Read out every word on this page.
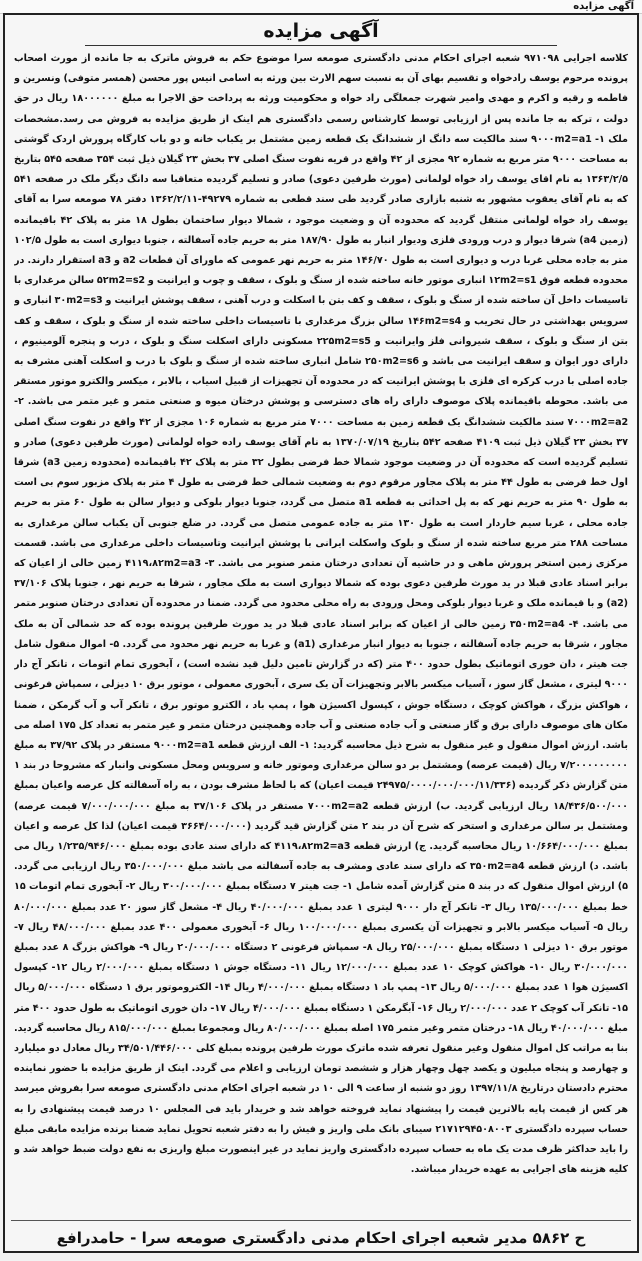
آگهی مزایده
آگهی مزایده
کلاسه اجرایی ۹۷۱۰۹۸ شعبه اجرای احکام مدنی دادگستری صومعه سرا موضوع حکم به فروش ماترک به جا مانده از مورث اصحاب پرونده مرحوم یوسف رادخواه و تقسیم بهای آن به نسبت سهم الارث بین ورثه به اسامی انیس پور محسن (همسر متوفی) ونسرین و فاطمه و رقیه و اکرم و مهدی وامیر شهرت جمعلگی راد خواه و محکومیت ورثه به پرداخت حق الاجرا به مبلغ ۱۸۰۰۰۰۰۰ ریال در حق دولت ، ترکه به جا مانده پس از ارزیابی توسط کارشناس رسمی دادگستری هم اینک از طریق مزایده به فروش می رسد.مشخصات ملک ۱- ۹۰۰۰m2=a1 سند مالکیت سه دانگ از ششدانگ یک قطعه زمین مشتمل بر یکباب خانه و دو باب کارگاه پرورش اردک گوشتی به مساحت ۹۰۰۰ متر مربع به شماره ۹۲ مجزی از ۴۲ واقع در قریه نفوت سنگ اصلی ۳۷ بخش ۲۳ گیلان ذیل ثبت ۳۵۴ صفحه ۵۴۵ بتاریخ ۱۳۶۳/۲/۵ به نام اقای یوسف راد خواه لولمانی (مورث طرفین دعوی) صادر و تسلیم گردیده متعاقبا سه دانگ دیگر ملک در صفحه ۵۴۱ که به نام آقای یعقوب مشهور به شنبه بازاری صادر گردید طی سند قطعی به شماره ۴۹۲۷۹-۱۳۶۲/۲/۱۱ دفتر ۷۸ صومعه سرا به آقای یوسف راد خواه لولمانی منتقل گردید که محدوده آن و وضعیت موجود ، شمالا دیوار ساختمان بطول ۱۸ متر به پلاک ۴۲ باقیمانده (زمین a4) شرقا دیوار و درب ورودی فلزی ودیوار انبار به طول ۱۸۷/۹۰ متر به حریم جاده آسفالته ، جنوبا دیواری است به طول ۱۰۲/۵ متر به جاده محلی غربا درب و دیواری است به طول ۱۴۶/۷۰ متر به حریم نهر عمومی که ماورای آن قطعات a2 و a3 استقرار دارند. در محدوده قطعه فوق ۱۲m2=s1 انباری موتور خانه ساخته شده از سنگ و بلوک ، سقف و چوب و ایرانیت و ۵۲m2=s2 سالن مرغداری با تاسیسات داخل آن ساخته شده از سنگ و بلوک ، سقف و کف بتن با اسکلت و درب آهنی ، سقف پوشش ایرانیت و ۳۰m2=s3 انباری و سرویس بهداشتی در حال تخریب و ۱۴۶m2=s4 سالن بزرگ مرغداری با تاسیسات داخلی ساخته شده از سنگ و بلوک ، سقف و کف بتن از سنگ و بلوک ، سقف شیروانی فلز وایرانیت و ۲۲۵m2=s5 مسکونی دارای اسکلت سنگ و بلوک ، درب و پنجره آلومینیوم ، دارای دور ایوان و سقف ایرانیت می باشد و ۲۵۰m2=s6 شامل انباری ساخته شده از سنگ و بلوک با درب و اسکلت آهنی مشرف به جاده اصلی با درب کرکره ای فلزی با پوشش ایرانیت که در محدوده آن تجهیزات از قبیل اسیاب ، بالابر ، میکسر والکترو موتور مستقر می باشد. محوطه باقیمانده پلاک موصوف دارای راه های دسترسی و پوشش درختان میوه و صنعتی متمر و غیر متمر می باشد. ۲- ۷۰۰۰m2=a2 سند مالکیت ششدانگ یک قطعه زمین به مساحت ۷۰۰۰ متر مربع به شماره ۱۰۶ مجزی از ۴۲ واقع در نفوت سنگ اصلی ۳۷ بخش ۲۳ گیلان ذیل ثبت ۴۱۰۹ صفحه ۵۴۲ بتاریخ ۱۳۷۰/۰۷/۱۹ به نام آقای یوسف راده خواه لولمانی (مورث طرفین دعوی) صادر و تسلیم گردیده است که محدوده آن در وضعیت موجود شمالا خط فرضی بطول ۳۲ متر به پلاک ۴۲ باقیمانده (محدوده زمین a3) شرقا اول خط فرضی به طول ۴۴ متر به پلاک مجاور مرقوم دوم به وضعیت شمالی خط فرضی به طول ۴ متر به پلاک مزبور سوم بی است به طول ۹۰ متر به حریم نهر که به پل احداثی به قطعه a1 متصل می گردد، جنوبا دیوار بلوکی و دیوار سالن به طول ۶۰ متر به حریم جاده محلی ، غربا سیم خاردار است به طول ۱۳۰ متر به جاده عمومی متصل می گردد. در ضلع جنوبی آن یکباب سالن مرغداری به مساحت ۲۸۸ متر مربع ساخته شده از سنگ و بلوک واسکلت ایرانی با پوشش ایرانیت وتاسیسات داخلی مرغداری می باشد. قسمت مرکزی زمین استخر پرورش ماهی و در حاشیه آن تعدادی درختان متمر صنوبر می باشد. ۳- ۴۱۱۹،۸۲m2=a3 زمین خالی از اعیان که برابر اسناد عادی قبلا در ید مورث طرفین دعوی بوده که شمالا دیواری است به ملک مجاور ، شرقا به حریم نهر ، جنوبا پلاک ۳۷/۱۰۶ (a2) و با قیمانده ملک و غربا دیوار بلوکی ومحل ورودی به راه محلی محدود می گردد. ضمنا در محدوده آن تعدادی درختان صنوبر متمر می باشد. ۴- ۳۵۰m2=a4 زمین خالی از اعیان که برابر اسناد عادی قبلا در ید مورث طرفین پرونده بوده که حد شمالی آن به ملک مجاور ، شرقا به حریم جاده آسفالته ، جنوبا به دیوار انبار مرغداری (a1) و غربا به حریم نهر محدود می گردد. ۵- اموال منقول شامل جت هیتر ، دان خوری اتوماتیک بطول حدود ۴۰۰ متر (که در گزارش تامین دلیل قید نشده است) ، آبخوری تمام اتومات ، تانکر آج دار ۹۰۰۰ لیتری ، مشعل گاز سوز ، آسیاب میکسر بالابر وتجهیزات آن یک سری ، آبخوری معمولی ، موتور برق ۱۰ دیزلی ، سمپاش فرغونی ، هواکش بزرگ ، هواکش کوچک ، دستگاه جوش ، کپسول اکسیژن هوا ، پمپ باد ، الکترو موتور برق ، تانکر آب و آب گرمکن ، ضمنا مکان های موصوف دارای برق و گاز صنعتی و آب جاده صنعتی و آب جاده وهمچنین درختان متمر و غیر متمر به تعداد کل ۱۷۵ اصله می باشد. ارزش اموال منقول و غیر منقول به شرح ذیل محاسبه گردید: ۱- الف ارزش قطعه ۹۰۰۰m2=a1 مستقر در پلاک ۳۷/۹۲ به مبلغ ۷/۲۰۰۰۰۰۰۰۰۰ ریال (قیمت عرصه) ومشتمل بر دو سالن مرغداری وموتور خانه و سرویس ومحل مسکونی وانبار که مشروحا در بند ۱ متن گزارش ذکر گردیده (۲۴۹۷۵/۰۰۰۰/۰۰۰/۰۰۰/۱۱/۳۳۶ قیمت اعیان) که با لحاظ مشرف بودن ، به راه آسفالته کل عرصه واعیان بمبلغ ۱۸/۴۳۶/۵۰۰/۰۰۰ ریال ارزیابی گردید. ب) ارزش قطعه ۷۰۰۰m2=a2 مستقر در پلاک ۳۷/۱۰۶ به مبلغ ۷/۰۰۰/۰۰۰/۰۰۰ قیمت عرصه) ومشتمل بر سالن مرغداری و استخر که شرح آن در بند ۲ متن گزارش قید گردید (۳۶۶۴/۰۰۰/۰۰۰ قیمت اعیان) لذا کل عرصه و اعیان بمبلغ ۱۰/۶۶۴/۰۰۰/۰۰۰ ریال محاسبه گردید. ج) ارزش قطعه ۴۱۱۹،۸۲m2=a3 که دارای سند عادی بوده بمبلغ ۱/۲۳۵/۹۴۶/۰۰۰ ریال می باشد. د) ارزش قطعه ۳۵۰m2=a4 که دارای سند عادی ومشرف به جاده آسفالته می باشد مبلغ ۳۵۰/۰۰۰/۰۰۰ ریال ارزیابی می گردد. ۵) ارزش اموال منقول که در بند ۵ متن گزارش آمده شامل ۱- جت هیتر ۷ دستگاه بمبلغ ۳۰۰/۰۰۰/۰۰۰ ریال ۲- آبخوری تمام اتومات ۱۵ خط بمبلغ ۱۳۵/۰۰۰/۰۰۰ ریال ۳- تانکر آج دار ۹۰۰۰ لیتری ۱ عدد بمبلغ ۴۰/۰۰۰/۰۰۰ ریال ۴- مشعل گاز سوز ۲۰ عدد بمبلغ ۸۰/۰۰۰/۰۰۰ ریال ۵- آسیاب میکسر بالابر و تجهیزات آن یکسری بمبلغ ۱۰۰/۰۰۰/۰۰۰ ریال ۶- آبخوری معمولی ۴۰۰ عدد بمبلغ ۴۸/۰۰۰/۰۰۰ ریال ۷- موتور برق ۱۰ دیزلی ۱ دستگاه بمبلغ ۲۵/۰۰۰/۰۰۰ ریال ۸- سمپاش فرغونی ۲ دستگاه ۲۰/۰۰۰/۰۰۰ ریال ۹- هواکش بزرگ ۸ عدد بمبلغ ۳۰/۰۰۰/۰۰۰ ریال ۱۰- هواکش کوچک ۱۰ عدد بمبلغ ۱۲/۰۰۰/۰۰۰ ریال ۱۱- دستگاه جوش ۱ دستگاه بمبلغ ۲/۰۰۰/۰۰۰ ریال ۱۲- کپسول اکسیژن هوا ۱ عدد بمبلغ ۵/۰۰۰/۰۰۰ ریال ۱۳- پمپ باد ۱ دستگاه بمبلغ ۴/۰۰۰/۰۰۰ ریال ۱۴- الکتروموتور برق ۱ دستگاه ۵/۰۰۰/۰۰۰ ریال ۱۵- تانکر آب کوچک ۲ عدد ۲/۰۰۰/۰۰۰ ریال ۱۶- آبگرمکن ۱ دستگاه بمبلغ ۴/۰۰۰/۰۰۰ ریال ۱۷- دان خوری اتوماتیک به طول حدود ۴۰۰ متر مبلغ ۴۰/۰۰۰/۰۰۰ ریال ۱۸- درختان متمر وغیر متمر ۱۷۵ اصله بمبلغ ۸۰/۰۰۰/۰۰۰ ریال ومجموعا بمبلغ ۸۱۵/۰۰۰/۰۰۰ ریال محاسبه گردید. بنا به مراتب کل اموال منقول وغیر منقول تعرفه شده ماترک مورث طرفین پرونده بمبلغ کلی ۳۴/۵۰۱/۴۴۶/۰۰۰ ریال معادل دو میلیارد و چهارصد و پنجاه میلیون و یکصد چهل وچهار هزار و ششصد تومان ارزیابی و اعلام می گردد. اینک از طریق مزایده با حضور نماینده محترم دادستان درتاریخ ۱۳۹۷/۱۱/۸ روز دو شنبه از ساعت ۹ الی ۱۰ در شعبه اجرای احکام مدنی دادگستری صومعه سرا بفروش میرسد هر کس از قیمت پایه بالاترین قیمت را پیشنهاد نماید فروخته خواهد شد و خریدار باید فی المجلس ۱۰ درصد قیمت پیشنهادی را به حساب سپرده دادگستری ۲۱۷۱۲۹۴۵۰۸۰۰۳ سیبای بانک ملی واریز و فیش را به دفتر شعبه تحویل نماید ضمنا برنده مزایده مابقی مبلغ را باید حداکثر ظرف مدت یک ماه به حساب سپرده دادگستری واریز نماید در غیر اینصورت مبلغ واریزی به نفع دولت ضبط خواهد شد و کلیه هزینه های اجرایی به عهده خریدار میباشد.
ح ۵۸۶۲ مدیر شعبه اجرای احکام مدنی دادگستری صومعه سرا - حامدرافع
